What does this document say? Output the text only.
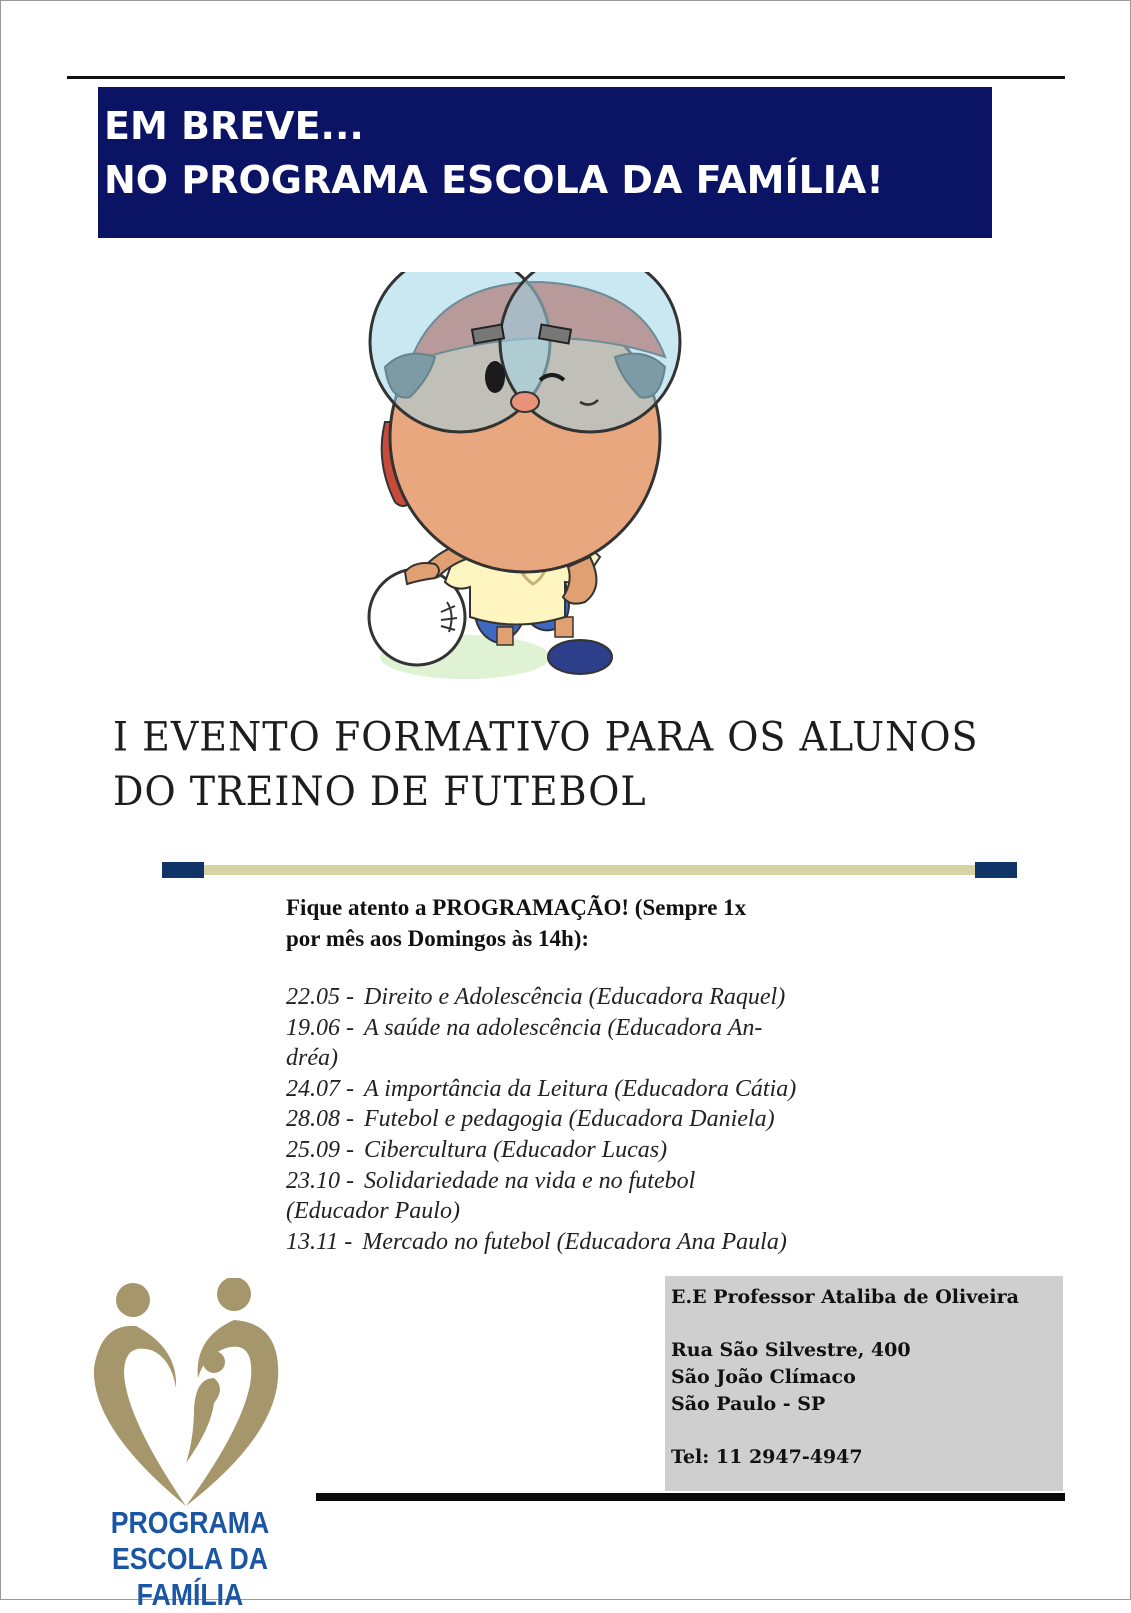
EM BREVE...
NO PROGRAMA ESCOLA DA FAMÍLIA!
I EVENTO FORMATIVO PARA OS ALUNOS
DO TREINO DE FUTEBOL
Fique atento a PROGRAMAÇÃO! (Sempre 1x
por mês aos Domingos às 14h):
22.05 - Direito e Adolescência (Educadora Raquel)
19.06 - A saúde na adolescência (Educadora An-
dréa)
24.07 - A importância da Leitura (Educadora Cátia)
28.08 - Futebol e pedagogia (Educadora Daniela)
25.09 - Cibercultura (Educador Lucas)
23.10 - Solidariedade na vida e no futebol
(Educador Paulo)
13.11 - Mercado no futebol (Educadora Ana Paula)
E.E Professor Ataliba de Oliveira
Rua São Silvestre, 400
São João Clímaco
São Paulo - SP
Tel: 11 2947-4947
PROGRAMA
ESCOLA DA FAMÍLIA
